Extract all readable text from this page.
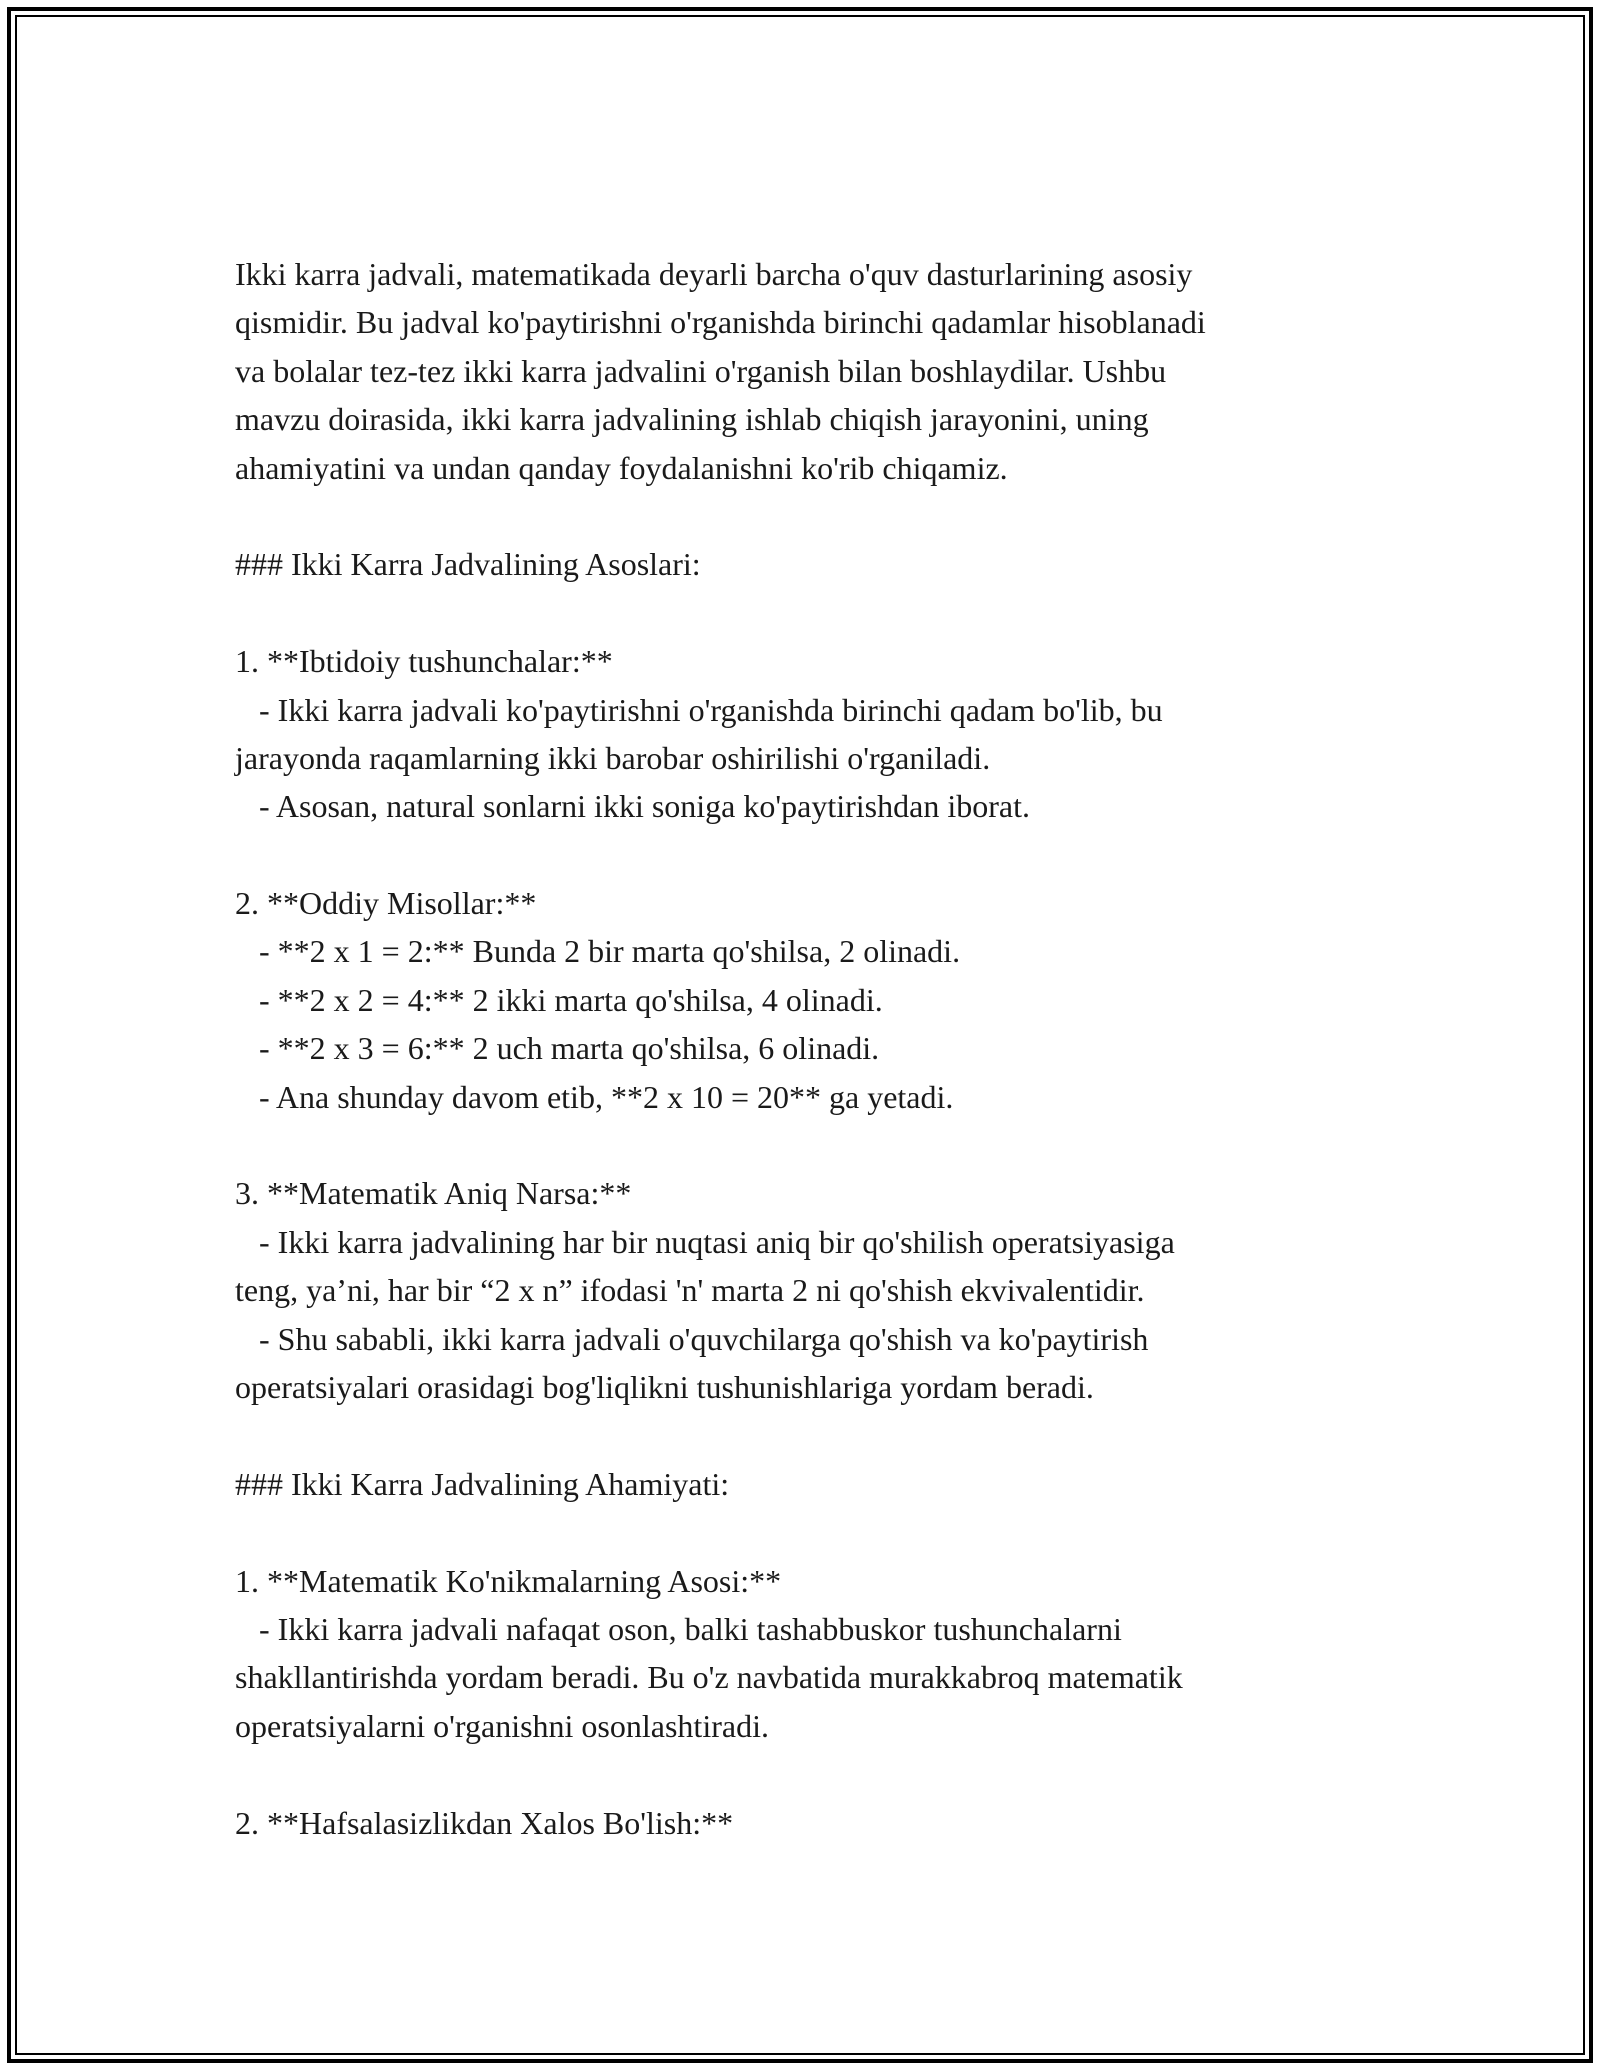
Ikki karra jadvali, matematikada deyarli barcha o'quv dasturlarining asosiy
qismidir. Bu jadval ko'paytirishni o'rganishda birinchi qadamlar hisoblanadi
va bolalar tez-tez ikki karra jadvalini o'rganish bilan boshlaydilar. Ushbu
mavzu doirasida, ikki karra jadvalining ishlab chiqish jarayonini, uning
ahamiyatini va undan qanday foydalanishni ko'rib chiqamiz.
### Ikki Karra Jadvalining Asoslari:
1. **Ibtidoiy tushunchalar:**
- Ikki karra jadvali ko'paytirishni o'rganishda birinchi qadam bo'lib, bu
jarayonda raqamlarning ikki barobar oshirilishi o'rganiladi.
- Asosan, natural sonlarni ikki soniga ko'paytirishdan iborat.
2. **Oddiy Misollar:**
- **2 x 1 = 2:** Bunda 2 bir marta qo'shilsa, 2 olinadi.
- **2 x 2 = 4:** 2 ikki marta qo'shilsa, 4 olinadi.
- **2 x 3 = 6:** 2 uch marta qo'shilsa, 6 olinadi.
- Ana shunday davom etib, **2 x 10 = 20** ga yetadi.
3. **Matematik Aniq Narsa:**
- Ikki karra jadvalining har bir nuqtasi aniq bir qo'shilish operatsiyasiga
teng, ya’ni, har bir “2 x n” ifodasi 'n' marta 2 ni qo'shish ekvivalentidir.
- Shu sababli, ikki karra jadvali o'quvchilarga qo'shish va ko'paytirish
operatsiyalari orasidagi bog'liqlikni tushunishlariga yordam beradi.
### Ikki Karra Jadvalining Ahamiyati:
1. **Matematik Ko'nikmalarning Asosi:**
- Ikki karra jadvali nafaqat oson, balki tashabbuskor tushunchalarni
shakllantirishda yordam beradi. Bu o'z navbatida murakkabroq matematik
operatsiyalarni o'rganishni osonlashtiradi.
2. **Hafsalasizlikdan Xalos Bo'lish:**
